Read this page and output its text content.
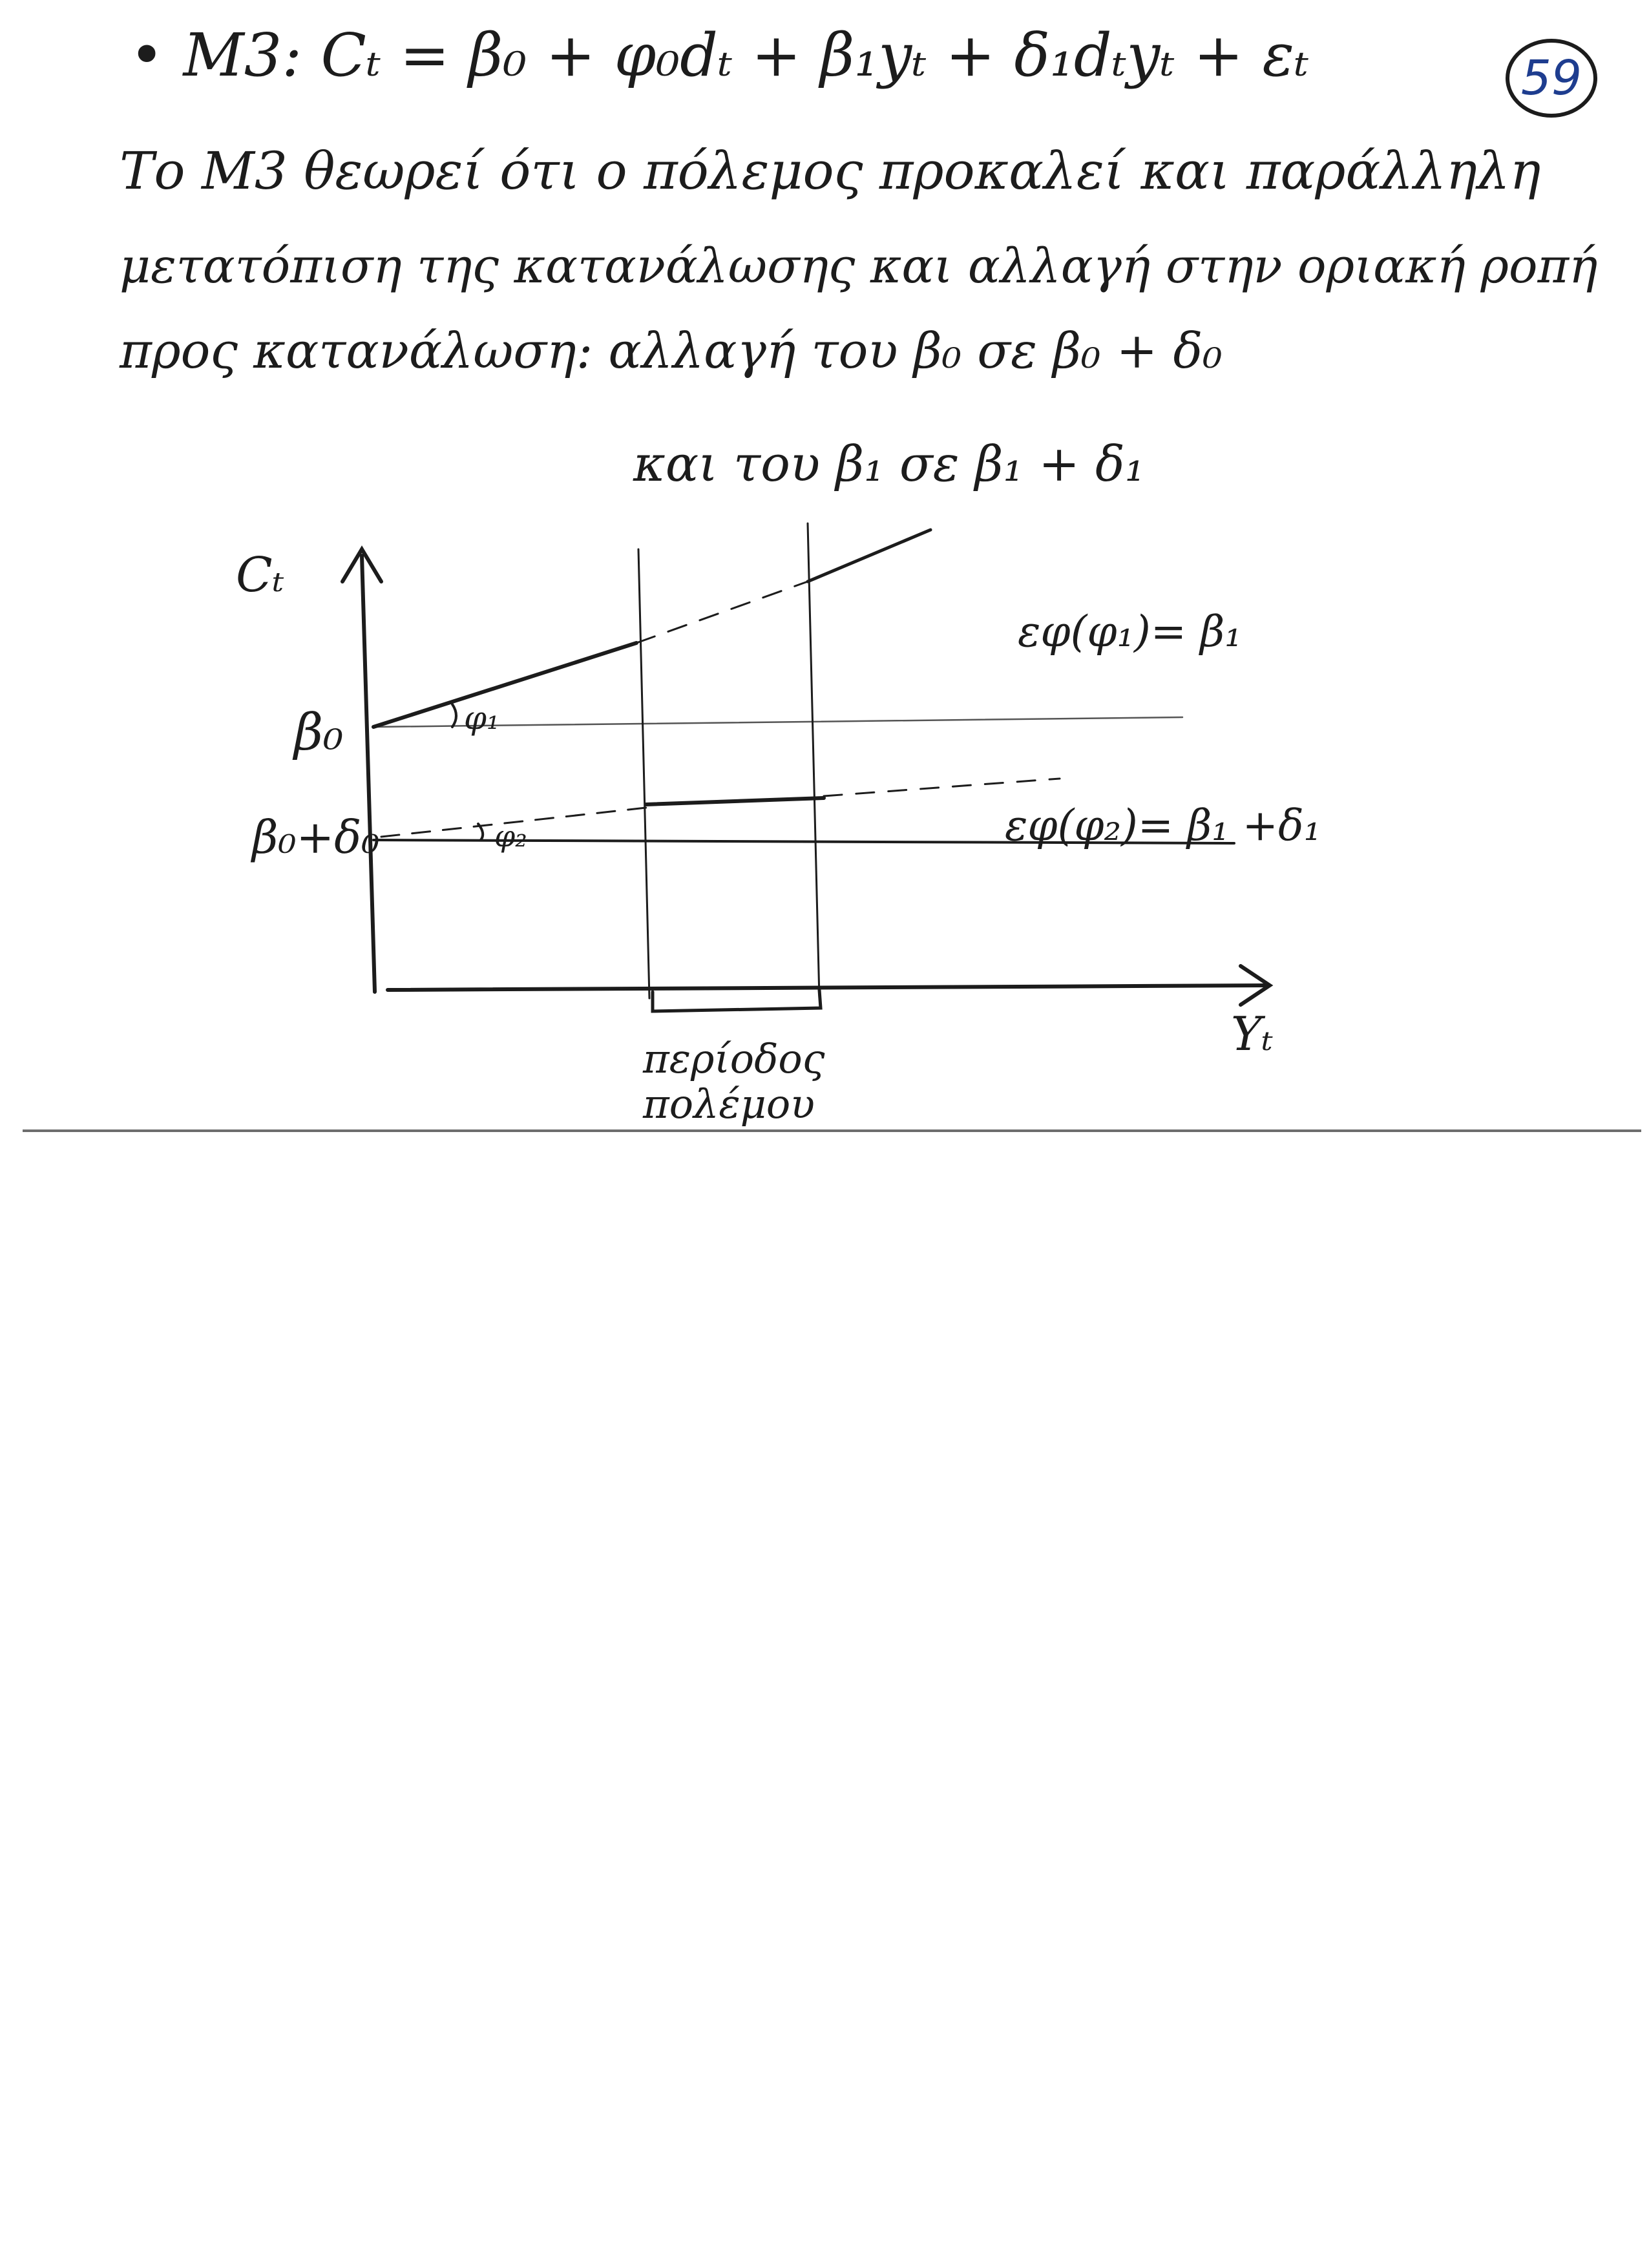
• M3: Cₜ = β₀ + φ₀dₜ + β₁yₜ + δ₁dₜyₜ + εₜ	59
Το Μ3 θεωρεί ότι ο πόλεμος προκαλεί και παράλληλη
μετατόπιση της κατανάλωσης και αλλαγή στην οριακή ροπή
προς κατανάλωση: αλλαγή του β₀ σε β₀ + δ₀
και του β₁ σε β₁ + δ₁
Cₜ
Yₜ
β₀
β₀+δ₀
φ₁
φ₂
εφ(φ₁)= β₁
εφ(φ₂)= β₁ +δ₁
περίοδος
πολέμου
